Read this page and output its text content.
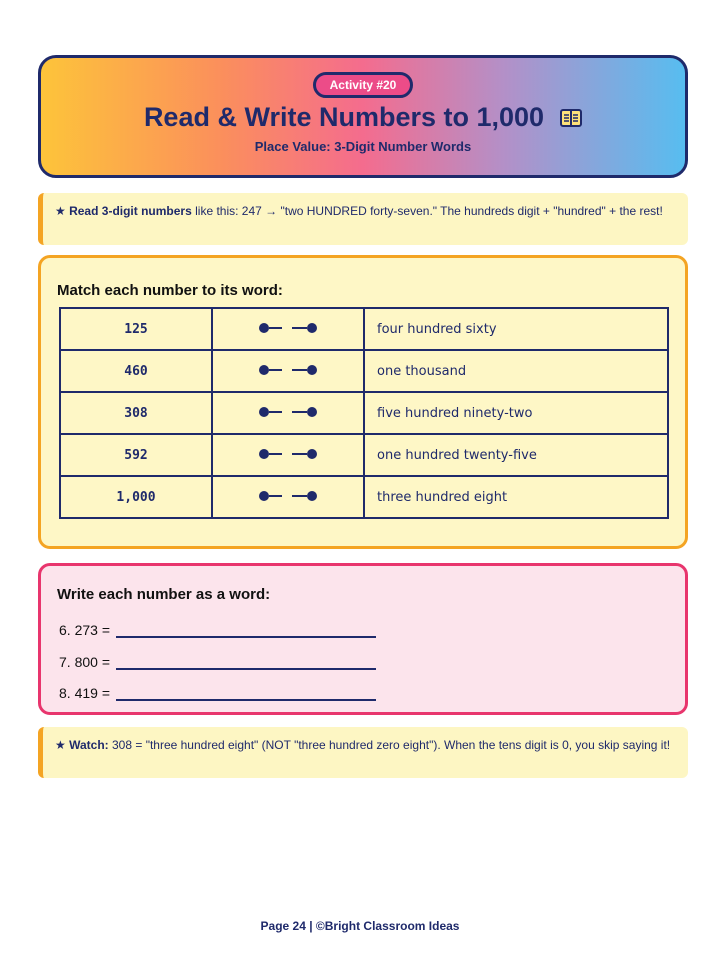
Activity #20
Read & Write Numbers to 1,000
Place Value: 3-Digit Number Words
★ Read 3-digit numbers like this: 247 → "two HUNDRED forty-seven." The hundreds digit + "hundred" + the rest!
Match each number to its word:
125		four hundred sixty
460		one thousand
308		five hundred ninety-two
592		one hundred twenty-five
1,000		three hundred eight
Write each number as a word:
6. 273 =
7. 800 =
8. 419 =
★ Watch: 308 = "three hundred eight" (NOT "three hundred zero eight"). When the tens digit is 0, you skip saying it!
Page 24 | ©Bright Classroom Ideas
